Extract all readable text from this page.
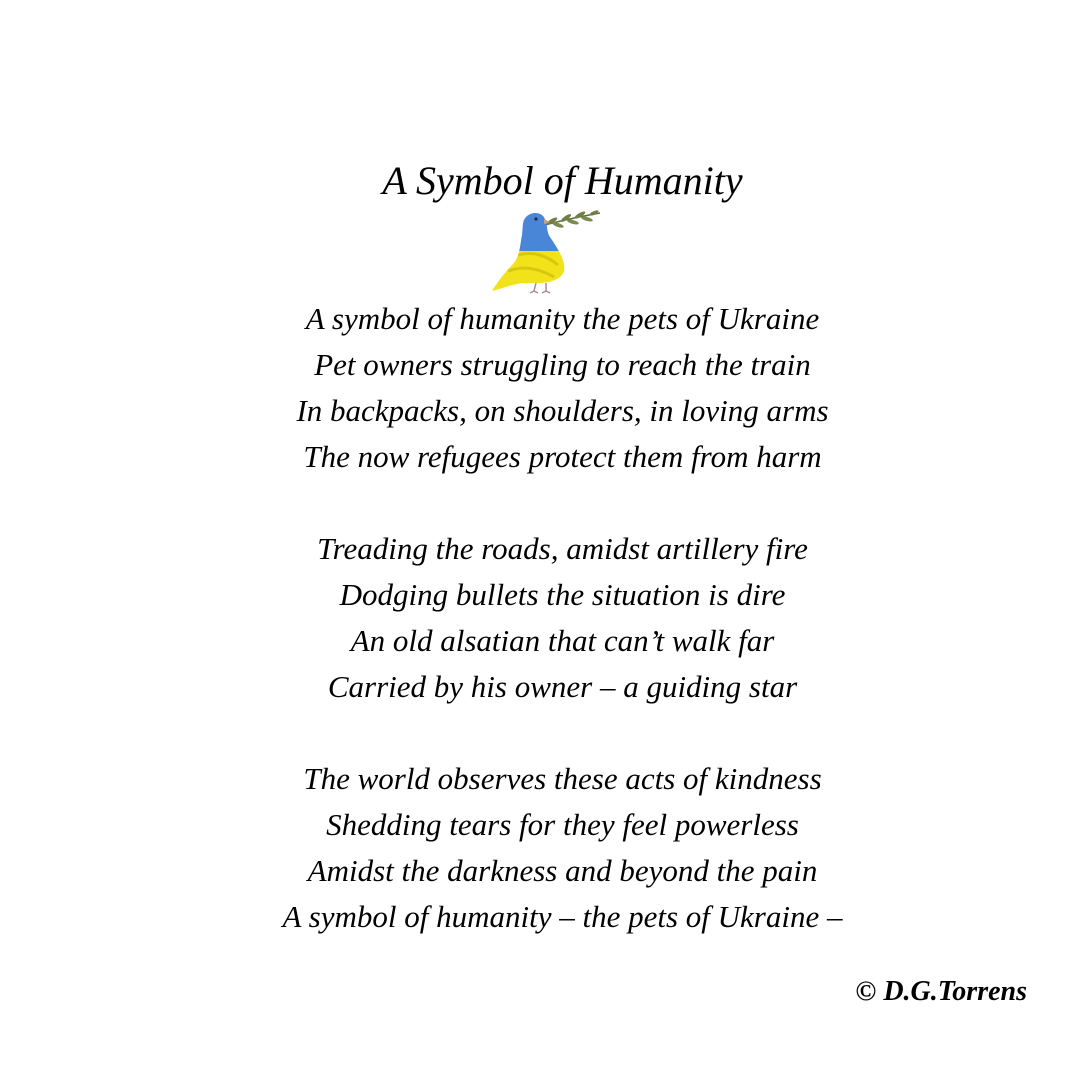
A Symbol of Humanity
A symbol of humanity the pets of Ukraine
Pet owners struggling to reach the train
In backpacks, on shoulders, in loving arms
The now refugees protect them from harm
Treading the roads, amidst artillery fire
Dodging bullets the situation is dire
An old alsatian that can’t walk far
Carried by his owner – a guiding star
The world observes these acts of kindness
Shedding tears for they feel powerless
Amidst the darkness and beyond the pain
A symbol of humanity – the pets of Ukraine –
© D.G.Torrens
